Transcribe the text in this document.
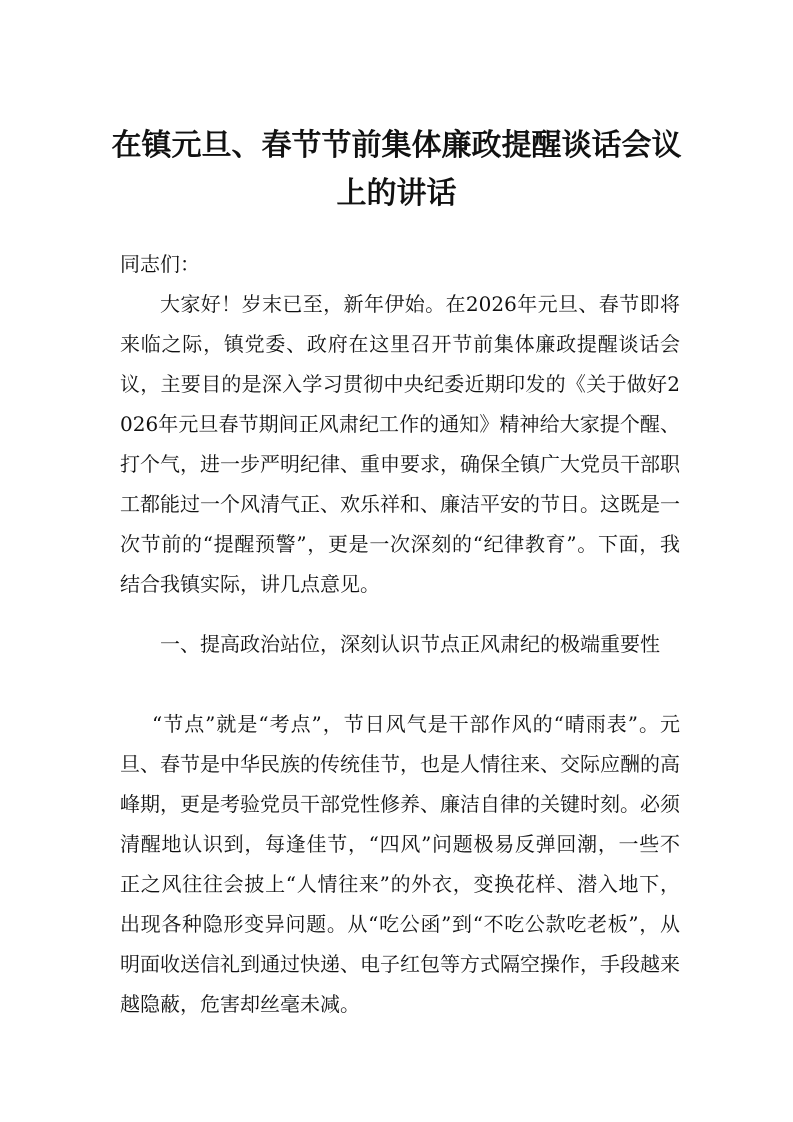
在镇元旦、春节节前集体廉政提醒谈话会议
上的讲话

同志们：

大家好！岁末已至，新年伊始。在2026年元旦、春节即将来临之际，镇党委、政府在这里召开节前集体廉政提醒谈话会议，主要目的是深入学习贯彻中央纪委近期印发的《关于做好2026年元旦春节期间正风肃纪工作的通知》精神给大家提个醒、打个气，进一步严明纪律、重申要求，确保全镇广大党员干部职工都能过一个风清气正、欢乐祥和、廉洁平安的节日。这既是一次节前的“提醒预警”，更是一次深刻的“纪律教育”。下面，我结合我镇实际，讲几点意见。

一、提高政治站位，深刻认识节点正风肃纪的极端重要性

“节点”就是“考点”，节日风气是干部作风的“晴雨表”。元旦、春节是中华民族的传统佳节，也是人情往来、交际应酬的高峰期，更是考验党员干部党性修养、廉洁自律的关键时刻。必须清醒地认识到，每逢佳节，“四风”问题极易反弹回潮，一些不正之风往往会披上“人情往来”的外衣，变换花样、潜入地下，出现各种隐形变异问题。从“吃公函”到“不吃公款吃老板”，从明面收送信礼到通过快递、电子红包等方式隔空操作，手段越来越隐蔽，危害却丝毫未减。
